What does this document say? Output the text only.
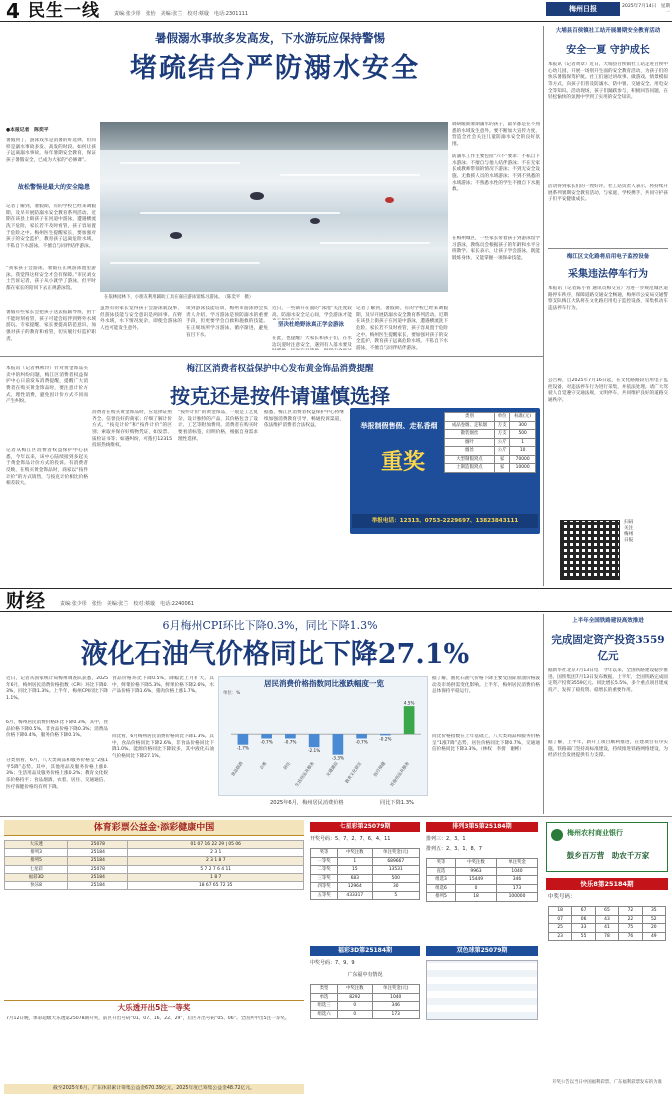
4 民生一线	责编:张少彤　张怡　美编:张兰　校对:蔡璇　电话:2301111
梅州日报	2025年7月14日　星期一
暑假溺水事故多发高发，下水游玩应保持警惕
堵疏结合严防溺水安全
●本报记者　陈奕平
暑假到了，游泳戏水是消暑的好选择，但同样是溺水事故多发、高发的时段。如何让孩子远离溺水事故，每年暑期安全教育，保证孩子暑假安全，已成为大家的“必修课”。
故松警惕是最大的安全隐患
记者了解到，暑假期，有的学校已经来调假期，及早开展防溺水安全教育系列活动。近期在该县上街孩子在河道中游泳，遭遇横流洗下危险，家长若不及时看管，孩子容易置于危险之中。梅州医生提醒家长，要加强对孩子的安全监护，教育孩子远离危险水域，不私自下水游泳，不擅自与同伴结伴游泳。
“我家孩子会游泳，暑假在正规游泳池里游泳。我觉得这样安全才会有保障。”市民刘女士告诉记者，孩子从小就学了游泳，但平时都在家长的陪同下去正规游泳馆。
暑假有些家长会把孩子送去报辅导班，由于不能时刻看管，孩子可能会结伴到野外水域游玩。专家提醒，家长要提高防范意识，加强对孩子的教育和看管，切实履行好监护职责。
在依林园林下，小朋友利用辅助工具在嘉应游泳馆练习游泳。　（陈奕平　摄）
虽然有的家长觉得孩子会游泳就没事，但游泳技能与安全意识是两回事。在野外水域，水下情况复杂，即使会游泳的人也可能发生意外。
谈到游泳技能培训，梅州市游泳协会负责人介绍，学习游泳是预防溺水的重要手段，但更要学会自救和施救的技能。在正规场所学习游泳，循序渐进，避免盲目下水。
坚决杜绝野泳真正学会游泳
近日，一些制开在面的“泳池”关注度较高，防溺水安全记心间，学会游泳才能
在此，也提醒广大家长和孩子们，在水边玩耍时注意安全，遇到有人落水要及
调研暖期暑期溺水的孩子，最早都是在不熟悉的水域发生意外。要不断加大宣传力度，营造全社会关注儿童防溺水安全的良好氛围。
防溺水工作主要包括“六不”要求：不私自下水游泳；不擅自与他人结伴游泳；不在无家长或教师带领的情况下游泳；不到无安全设施、无救援人员的水域游泳；不到不熟悉的水域游泳；不熟悉水性的学生不擅自下水施救。
在梅州城区，一些家长带着孩子到游泳馆学习游泳，教练员会根据孩子的年龄和水平分班教学。家长表示，让孩子学会游泳，既能锻炼身体，又能掌握一项保命技能。
记者了解到，暑假期，有的学校已经来调假期，及早开展防溺水安全教育系列活动。近期在该县上街孩子在河道中游泳，遭遇横流洗下危险，家长若不及时看管，孩子容易置于危险之中。梅州医生提醒家长，要加强对孩子的安全监护，教育孩子远离危险水域，不私自下水游泳，不擅自与同伴结伴游泳。
大埔县百侯镇社工站开展暑期安全教育活动
安全一夏 守护成长
本报讯（记者黄章）近日，大埔县百侯镇社工站走进百侯中心幼儿园，开展一场别开生面的安全教育活动，为孩子们的快乐暑假保驾护航。社工们通过讲故事、做游戏、情景模拟等方式，向孩子们普及防溺水、防中暑、交通安全、用电安全等知识。活动现场，孩子们踊跃参与，积极回答问题，在轻松愉快的氛围中学到了实用的安全知识。
活动得到家长们的一致好评。社工站负责人表示，将持续开展系列暑期安全教育活动，与家庭、学校携手，共同守护孩子们平安健康成长。
梅江区文化路将启用电子监控设备
采集违法停车行为
本报讯（记者陈小青 通讯员梅交宣）为进一步规范城区道路停车秩序，保障道路交通安全畅通，梅州市公安局交通警察支队梅江大队将在文化路启用电子监控设备，采集机动车违法停车行为。
公告称，自2025年7月16日起，在文化路路段启用电子监控设备，对违法停车行为进行采集，并依法处理。请广大驾驶人自觉遵守交通法规，文明停车，共同维护良好的道路交通秩序。
扫码关注梅州日报
梅江区消费者权益保护中心发布黄金饰品消费提醒
按克还是按件请谨慎选择
本报讯（记者林秋玲）针对黄金饰品买卖中的纠纷问题，梅江区消费者权益保护中心日前发布消费提醒，提醒广大消费者在购买黄金饰品时，要注意计价方式，理性消费，避免因计价方式不同而产生纠纷。
记者从梅江区消费者权益保护中心获悉，今年以来，该中心陆续接到多起关于黄金饰品计价方式的投诉。有消费者反映，在购买黄金饰品时，商家以“按件计价”的方式销售，与按克计价相比价格相差较大。
消费者在购买黄金饰品时，应选择证照齐全、信誉良好的商家；仔细了解计价方式，“按克计价”和“按件计价”的区别；索取并保存好购物凭证，如发票、质检证书等；如遇纠纷，可拨打12315投诉热线维权。
“按件计价”的黄金饰品，一般是工艺复杂、设计独特的产品，其价格包含了设计、工艺等附加费用。消费者在购买时要看清标签，问明价格，根据自身需求理性选择。
据悉，梅江区消费者权益保护中心将继续加强消费教育引导，畅通投诉渠道，依法维护消费者合法权益。	举报制假售假、走私香烟
重奖
类别	单位	标准(元)
成品卷烟、走私烟	万支	300
散装烟丝	万支	500
烟叶	公斤	1
烟丝	公斤	10
大型制假窝点	家	70000
土制造假窝点	家	10000
举报电话：12313、0753-2229697、13823843111
财经	责编:张少彤　张怡　美编:张兰　校对:蔡璇　电话:2240061
6月梅州CPI环比下降0.3%，同比下降1.3%
液化石油气价格同比下降27.1%
近日，记者从国家统计局梅州调查队获悉，2025年6月，梅州居民消费价格指数（CPI）环比下降0.3%，同比下降1.3%。上半年，梅州CPI同比下降1.1%。
6月，梅州居民消费价格环比下降0.3%，其中，食品价格下降0.5%，非食品价格下降0.3%；消费品价格下降0.4%，服务价格下降0.1%。
分类别看，6月，八大类商品和服务价格呈“2涨1平5降”态势。其中，其他用品及服务价格上涨0.3%；生活用品及服务价格上涨0.2%；教育文化娱乐价格持平；食品烟酒、衣着、居住、交通通信、医疗保健价格均有所下降。
食品价格环比下降0.5%，降幅比上月扩大。其中，鲜菜价格下降5.3%，鲜果价格下降2.6%，水产品价格下降1.6%，猪肉价格上涨1.7%。
同比看，6月梅州居民消费价格同比下降1.3%。其中，食品价格同比下降2.6%，非食品价格同比下降1.0%。能源价格同比下降较多，其中液化石油气价格同比下降27.1%。
据了解，液化石油气价格下降主要受国际原油价格波动及市场供需变化影响。上半年，梅州居民消费价格总体保持平稳运行。
同比价格指数在上年基础上，八大类商品和服务价格呈“1涨7降”态势，居住价格同比下降0.7%，交通通信价格同比下降3.3%。（林权　李倩　谢彬）
居民消费价格指数同比涨跌幅度一览
单位：%
-1.7%
食品烟酒
-0.7%
衣着
-0.7%
居住
-2.1%
生活用品及服务
-3.3%
交通通信
-0.7%
教育文化娱乐
-0.2%
医疗保健
4.5%
其他用品及服务
2025年6月，梅州居民消费价格	同比下降1.3%
上半年全国铁路建设高效推进
完成固定资产投资3559亿元
据新华社北京7月13日电　今年以来，全国铁路建设稳步推进。国铁集团7月13日发布数据，上半年，全国铁路完成固定资产投资3559亿元、同比增长5.5%，多个重点项目建成投产，发挥了稳投资、稳增长的重要作用。
据了解，上半年，新开工项目顺利推进，在建项目有序实施。铁路部门坚持高标准建设，持续推进铁路网络建设，为经济社会发展提供有力支撑。
体育彩票公益金·添彩健康中国
大乐透	25078	01 07 16 22 29 | 05 06
排列3	25184	2 3 1
排列5	25184	2 3 1 8 7
七星彩	25078	5 7 2 7 6 4 11
福彩3D	25184	1 8 7
快乐8	25184	18 67 65 72 35
大乐透开出5注一等奖
7月12日晚，体彩超级大乐透第25078期开奖，前区开出号码“01、07、16、22、29”，后区开出号码“05、06”。全国共中出5注一等奖。
截至2025年6月，广东体彩累计筹集公益金670.39亿元，2025年度已筹集公益金48.72亿元。
七星彩第25079期
开奖号码：5、7、2、7、6、4、11
奖等	中奖注数	单注奖金(元)
一等奖	1	689667
二等奖	15	13531
三等奖	683	500
四等奖	12964	30
五等奖	433317	5
福彩3D第25184期
中奖号码：7、9、9
广东福中有情况
类型	中奖注数	单注奖金(元)
单选	8292	1040
组选三	0	346
组选六	0	173
排列3第5第25184期
排列三：2、3、1
排列五：2、3、1、8、7
奖等	中奖注数	单注奖金
直选	9963	1040
组选3	15449	346
组选6	0	173
排列5	18	100000
双色球第25079期
梅州农村商业银行
鼓乡百万营　助农千万家
快乐8第25184期
中奖号码：
18	67	65	72	35
07	06	43	22	52
25	33	41	75	20
23	55	78	76	49
开奖公告以当日中国福利彩票、广东福利彩票发布的为准
